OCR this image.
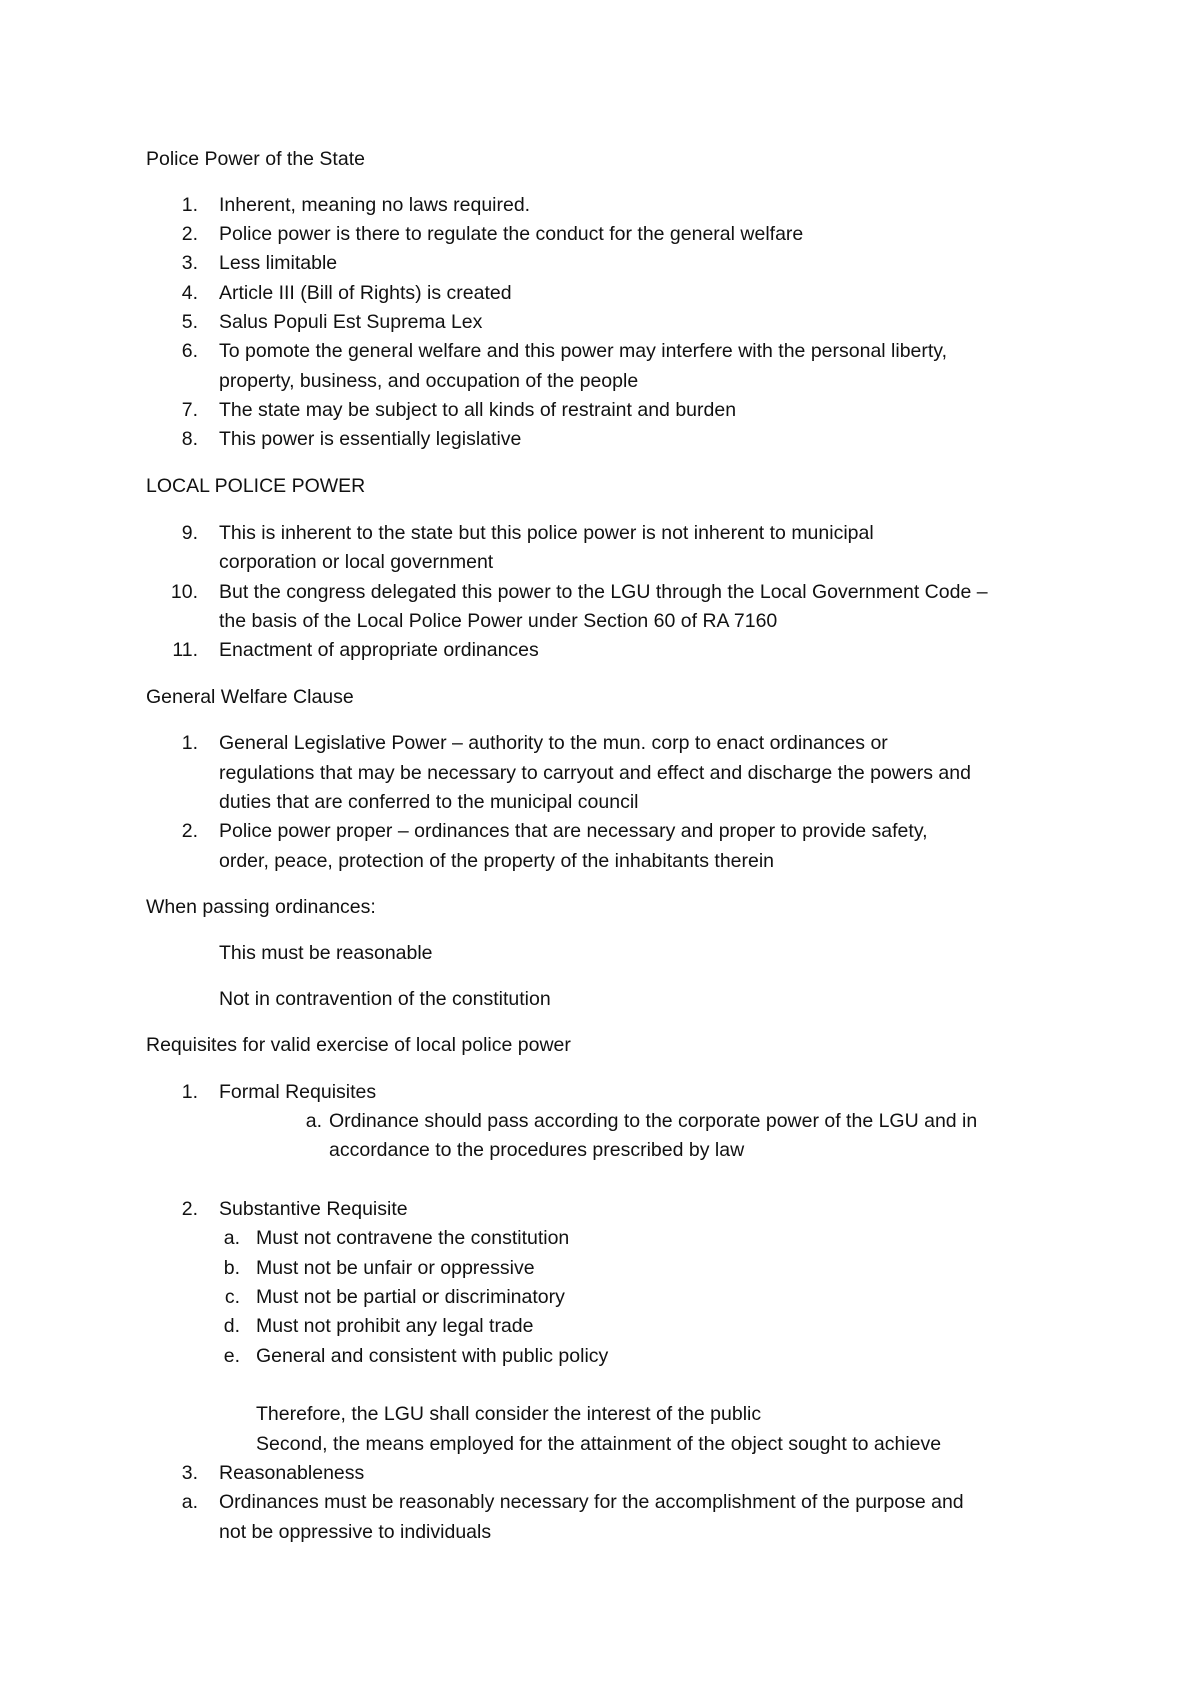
Police Power of the State
1. Inherent, meaning no laws required.
2. Police power is there to regulate the conduct for the general welfare
3. Less limitable
4. Article III (Bill of Rights) is created
5. Salus Populi Est Suprema Lex
6. To pomote the general welfare and this power may interfere with the personal liberty,
property, business, and occupation of the people
7. The state may be subject to all kinds of restraint and burden
8. This power is essentially legislative
LOCAL POLICE POWER
9. This is inherent to the state but this police power is not inherent to municipal
corporation or local government
10. But the congress delegated this power to the LGU through the Local Government Code –
the basis of the Local Police Power under Section 60 of RA 7160
11. Enactment of appropriate ordinances
General Welfare Clause
1. General Legislative Power – authority to the mun. corp to enact ordinances or
regulations that may be necessary to carryout and effect and discharge the powers and
duties that are conferred to the municipal council
2. Police power proper – ordinances that are necessary and proper to provide safety,
order, peace, protection of the property of the inhabitants therein
When passing ordinances:
This must be reasonable
Not in contravention of the constitution
Requisites for valid exercise of local police power
1. Formal Requisites
a. Ordinance should pass according to the corporate power of the LGU and in
accordance to the procedures prescribed by law
2. Substantive Requisite
a. Must not contravene the constitution
b. Must not be unfair or oppressive
c. Must not be partial or discriminatory
d. Must not prohibit any legal trade
e. General and consistent with public policy
Therefore, the LGU shall consider the interest of the public
Second, the means employed for the attainment of the object sought to achieve
3. Reasonableness
a. Ordinances must be reasonably necessary for the accomplishment of the purpose and
not be oppressive to individuals
